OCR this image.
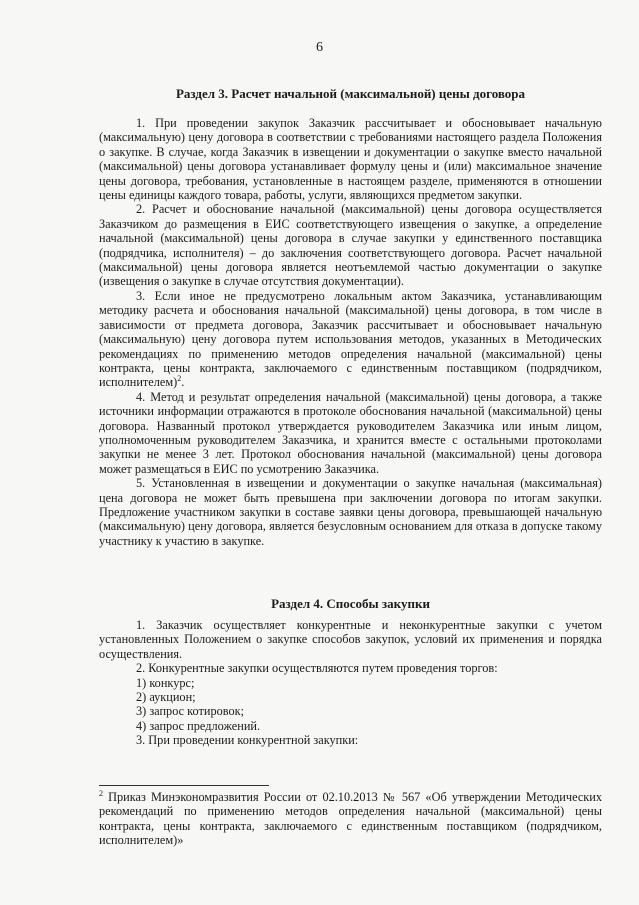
6
Раздел 3. Расчет начальной (максимальной) цены договора

1. При проведении закупок Заказчик рассчитывает и обосновывает начальную (максимальную) цену договора в соответствии с требованиями настоящего раздела Положения о закупке. В случае, когда Заказчик в извещении и документации о закупке вместо начальной (максимальной) цены договора устанавливает формулу цены и (или) максимальное значение цены договора, требования, установленные в настоящем разделе, применяются в отношении цены единицы каждого товара, работы, услуги, являющихся предметом закупки.

2. Расчет и обоснование начальной (максимальной) цены договора осуществляется Заказчиком до размещения в ЕИС соответствующего извещения о закупке, а определение начальной (максимальной) цены договора в случае закупки у единственного поставщика (подрядчика, исполнителя) – до заключения соответствующего договора. Расчет начальной (максимальной) цены договора является неотъемлемой частью документации о закупке (извещения о закупке в случае отсутствия документации).

3. Если иное не предусмотрено локальным актом Заказчика, устанавливающим методику расчета и обоснования начальной (максимальной) цены договора, в том числе в зависимости от предмета договора, Заказчик рассчитывает и обосновывает начальную (максимальную) цену договора путем использования методов, указанных в Методических рекомендациях по применению методов определения начальной (максимальной) цены контракта, цены контракта, заключаемого с единственным поставщиком (подрядчиком, исполнителем)$^2$.

4. Метод и результат определения начальной (максимальной) цены договора, а также источники информации отражаются в протоколе обоснования начальной (максимальной) цены договора. Названный протокол утверждается руководителем Заказчика или иным лицом, уполномоченным руководителем Заказчика, и хранится вместе с остальными протоколами закупки не менее 3 лет. Протокол обоснования начальной (максимальной) цены договора может размещаться в ЕИС по усмотрению Заказчика.

5. Установленная в извещении и документации о закупке начальная (максимальная) цена договора не может быть превышена при заключении договора по итогам закупки. Предложение участником закупки в составе заявки цены договора, превышающей начальную (максимальную) цену договора, является безусловным основанием для отказа в допуске такому участнику к участию в закупке.

Раздел 4. Способы закупки

1. Заказчик осуществляет конкурентные и неконкурентные закупки с учетом установленных Положением о закупке способов закупок, условий их применения и порядка осуществления.

2. Конкурентные закупки осуществляются путем проведения торгов:

1) конкурс;

2) аукцион;

3) запрос котировок;

4) запрос предложений.

3. При проведении конкурентной закупки:

$^2$ Приказ Минэкономразвития России от 02.10.2013 № 567 «Об утверждении Методических рекомендаций по применению методов определения начальной (максимальной) цены контракта, цены контракта, заключаемого с единственным поставщиком (подрядчиком, исполнителем)»
